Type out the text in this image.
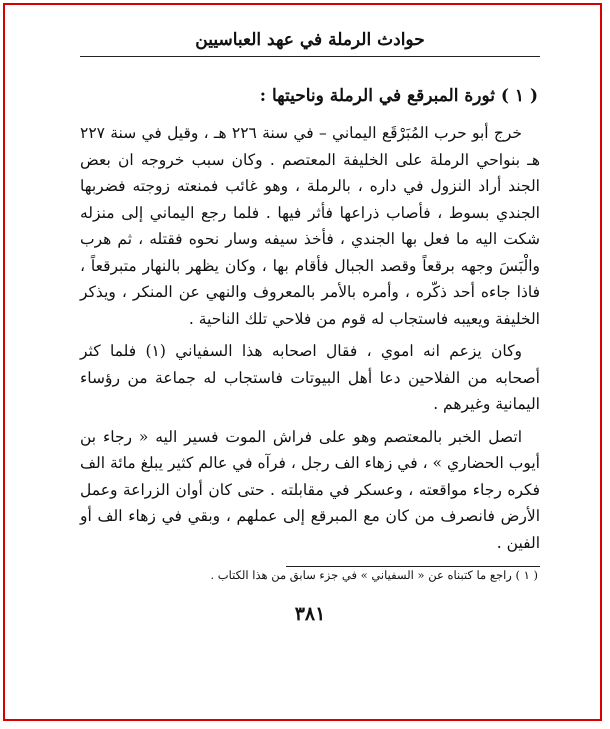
حوادث الرملة في عهد العباسيين
( ١ ) ثورة المبرقع في الرملة وناحيتها :

خرج أبو حرب المُبَرْقَع اليماني – في سنة ٢٢٦ هـ ، وقيل في سنة ٢٢٧ هـ بنواحي الرملة على الخليفة المعتصم . وكان سبب خروجه ان بعض الجند أراد النزول في داره ، بالرملة ، وهو غائب فمنعته زوجته فضربها الجندي بسوط ، فأصاب ذراعها فأثر فيها . فلما رجع اليماني إلى منزله شكت اليه ما فعل بها الجندي ، فأخذ سيفه وسار نحوه فقتله ، ثم هرب والْبَسَ وجهه برقعاً وقصد الجبال فأقام بها ، وكان يظهر بالنهار متبرقعاً ، فاذا جاءه أحد ذكّره ، وأمره بالأمر بالمعروف والنهي عن المنكر ، ويذكر الخليفة ويعيبه فاستجاب له قوم من فلاحي تلك الناحية .

وكان يزعم انه اموي ، فقال اصحابه هذا السفياني (١) فلما كثر أصحابه من الفلاحين دعا أهل البيوتات فاستجاب له جماعة من رؤساء اليمانية وغيرهم .

اتصل الخبر بالمعتصم وهو على فراش الموت فسير اليه « رجاء بن أيوب الحضاري » ، في زهاء الف رجل ، فرآه في عالم كثير يبلغ مائة الف فكره رجاء مواقعته ، وعسكر في مقابلته . حتى كان أوان الزراعة وعمل الأرض فانصرف من كان مع المبرقع إلى عملهم ، وبقي في زهاء الف أو الفين .

( ١ ) راجع ما كتبناه عن « السفياني » في جزء سابق من هذا الكتاب .

٣٨١
